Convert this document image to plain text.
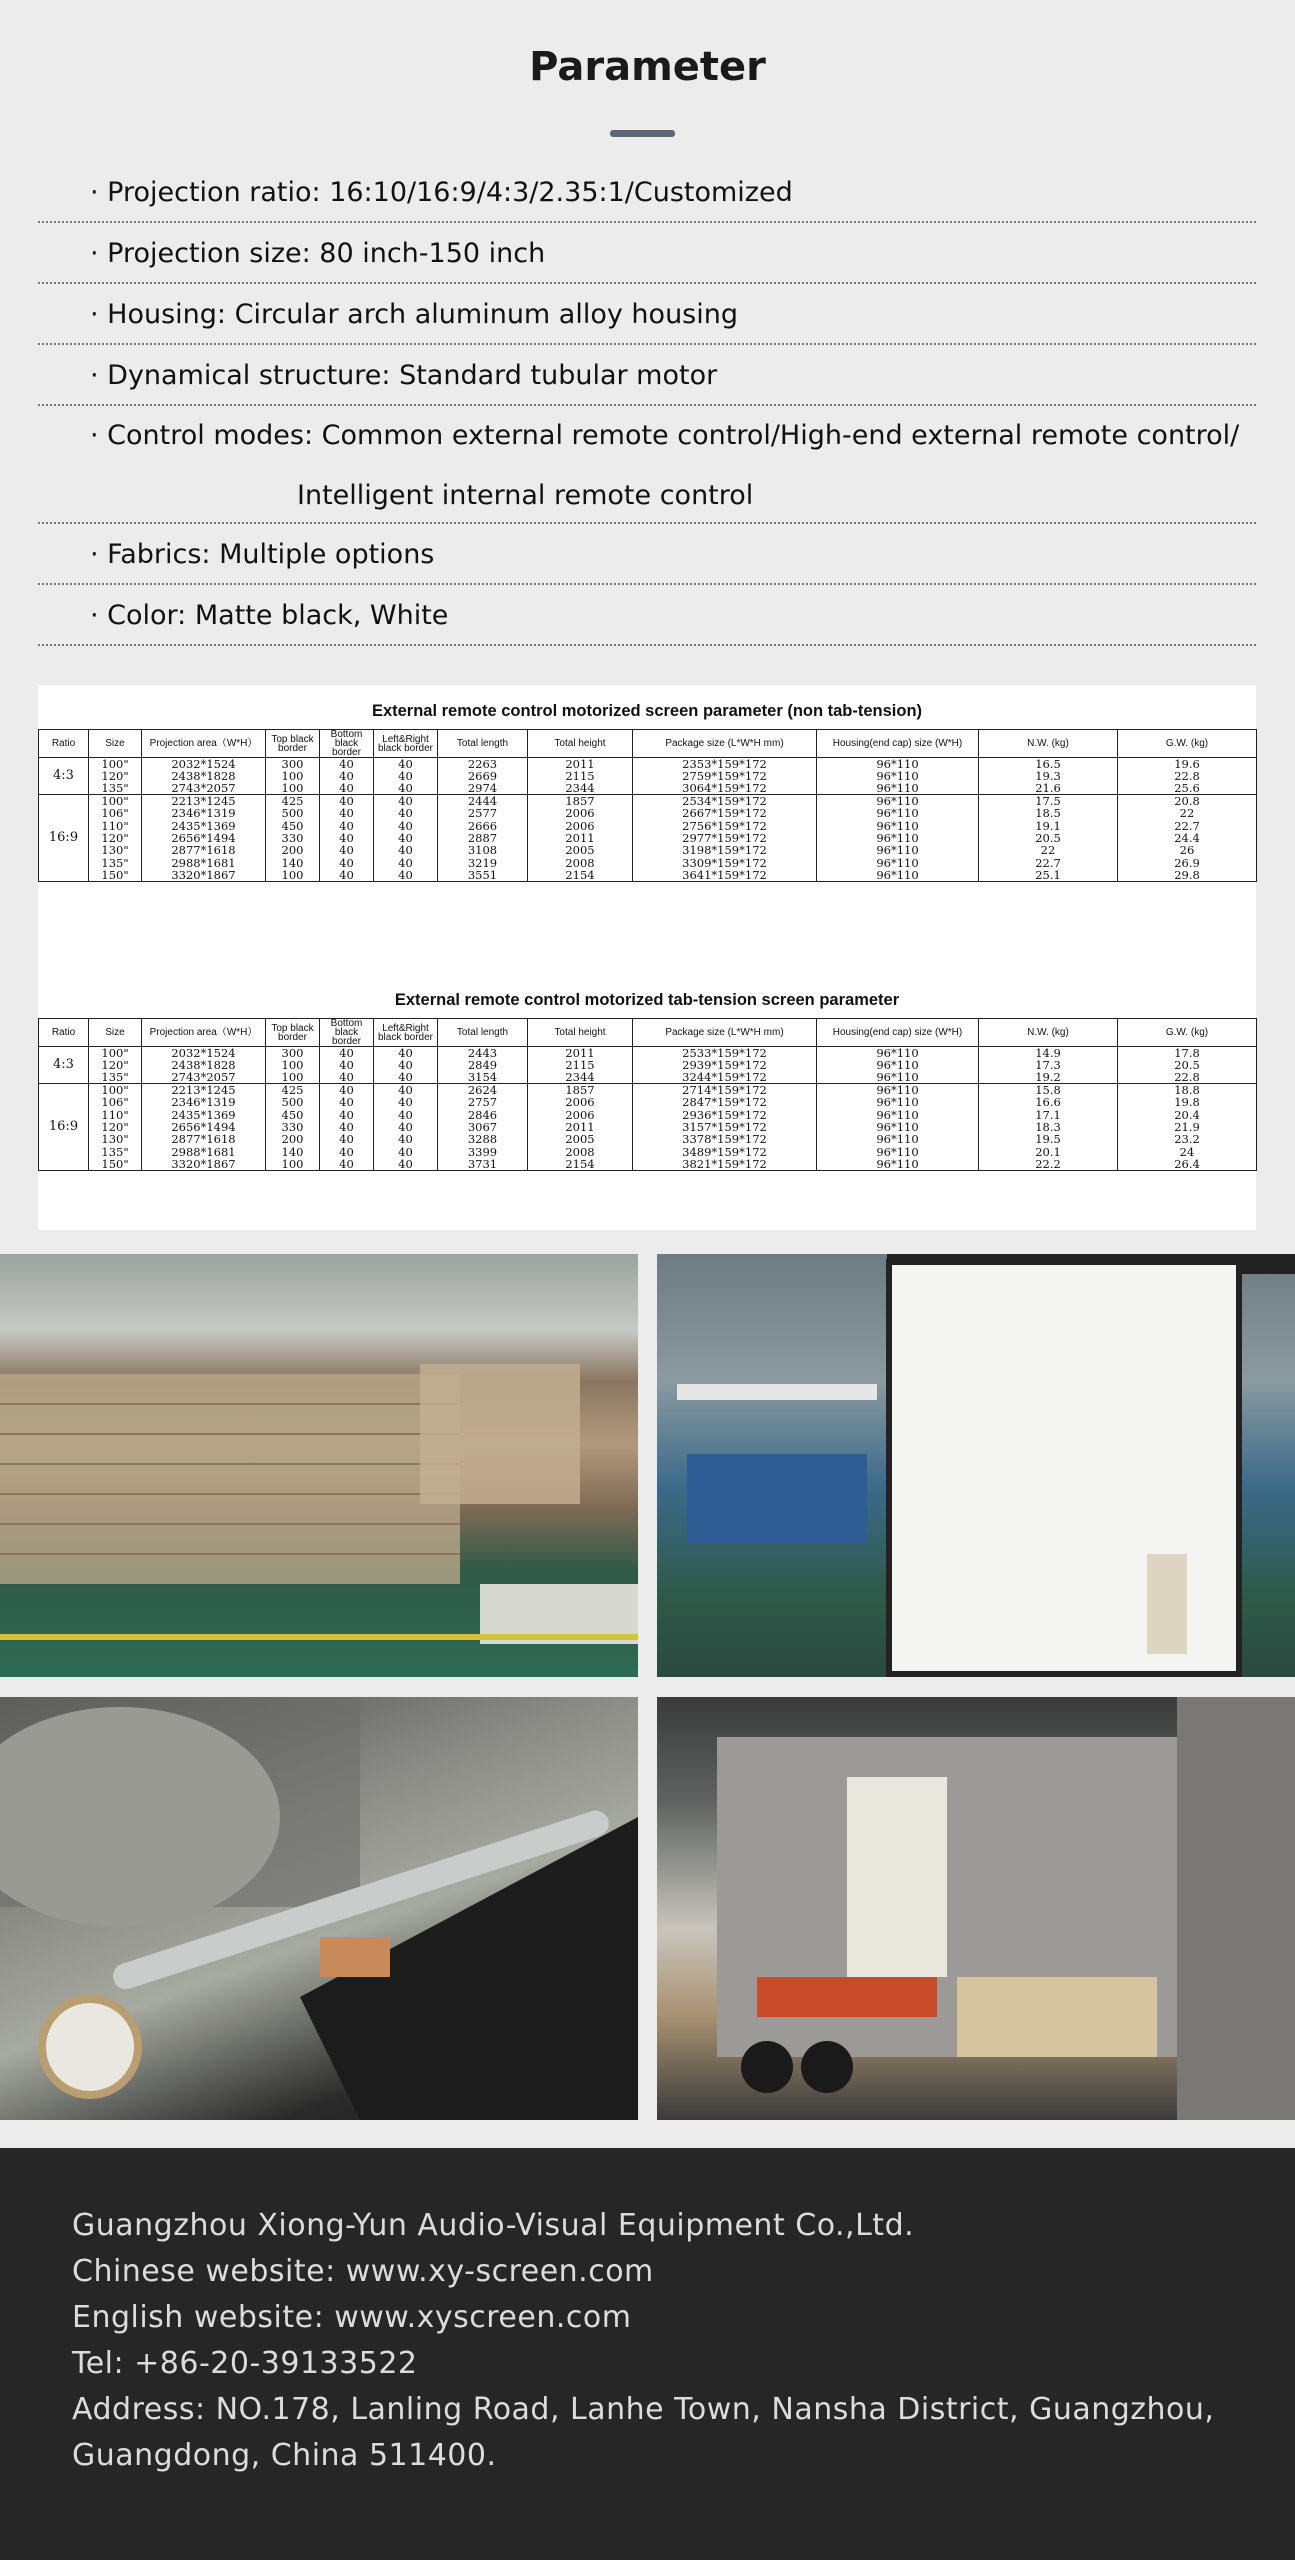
Parameter
· Projection ratio: 16:10/16:9/4:3/2.35:1/Customized
· Projection size: 80 inch-150 inch
· Housing: Circular arch aluminum alloy housing
· Dynamical structure: Standard tubular motor
· Control modes: Common external remote control/High-end external remote control/
Intelligent internal remote control
· Fabrics: Multiple options
· Color: Matte black, White
External remote control motorized screen parameter (non tab-tension)
Ratio	Size	Projection area（W*H）	Top black border	Bottom black border	Left&Right black border	Total length	Total height	Package size (L*W*H mm)	Housing(end cap) size (W*H)	N.W. (kg)	G.W. (kg)
4:3	100"	2032*1524	300	40	40	2263	2011	2353*159*172	96*110	16.5	19.6
	120"	2438*1828	100	40	40	2669	2115	2759*159*172	96*110	19.3	22.8
	135"	2743*2057	100	40	40	2974	2344	3064*159*172	96*110	21.6	25.6
16:9	100"	2213*1245	425	40	40	2444	1857	2534*159*172	96*110	17.5	20.8
	106"	2346*1319	500	40	40	2577	2006	2667*159*172	96*110	18.5	22
	110"	2435*1369	450	40	40	2666	2006	2756*159*172	96*110	19.1	22.7
	120"	2656*1494	330	40	40	2887	2011	2977*159*172	96*110	20.5	24.4
	130"	2877*1618	200	40	40	3108	2005	3198*159*172	96*110	22	26
	135"	2988*1681	140	40	40	3219	2008	3309*159*172	96*110	22.7	26.9
	150"	3320*1867	100	40	40	3551	2154	3641*159*172	96*110	25.1	29.8
External remote control motorized tab-tension screen parameter
Ratio	Size	Projection area（W*H）	Top black border	Bottom black border	Left&Right black border	Total length	Total height	Package size (L*W*H mm)	Housing(end cap) size (W*H)	N.W. (kg)	G.W. (kg)
4:3	100"	2032*1524	300	40	40	2443	2011	2533*159*172	96*110	14.9	17.8
	120"	2438*1828	100	40	40	2849	2115	2939*159*172	96*110	17.3	20.5
	135"	2743*2057	100	40	40	3154	2344	3244*159*172	96*110	19.2	22.8
16:9	100"	2213*1245	425	40	40	2624	1857	2714*159*172	96*110	15.8	18.8
	106"	2346*1319	500	40	40	2757	2006	2847*159*172	96*110	16.6	19.8
	110"	2435*1369	450	40	40	2846	2006	2936*159*172	96*110	17.1	20.4
	120"	2656*1494	330	40	40	3067	2011	3157*159*172	96*110	18.3	21.9
	130"	2877*1618	200	40	40	3288	2005	3378*159*172	96*110	19.5	23.2
	135"	2988*1681	140	40	40	3399	2008	3489*159*172	96*110	20.1	24
	150"	3320*1867	100	40	40	3731	2154	3821*159*172	96*110	22.2	26.4
Guangzhou Xiong-Yun Audio-Visual Equipment Co.,Ltd.
Chinese website: www.xy-screen.com
English website: www.xyscreen.com
Tel: +86-20-39133522
Address: NO.178, Lanling Road, Lanhe Town, Nansha District, Guangzhou,
Guangdong, China 511400.
